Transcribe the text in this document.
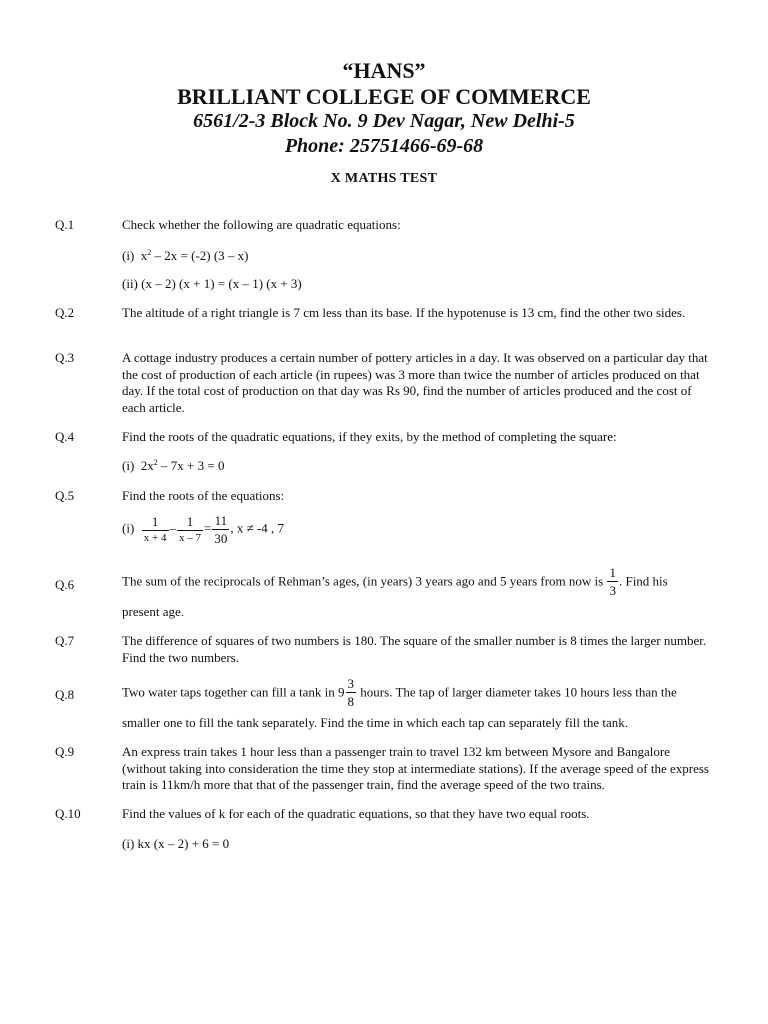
“HANS”
BRILLIANT COLLEGE OF COMMERCE
6561/2-3 Block No. 9 Dev Nagar, New Delhi-5
Phone: 25751466-69-68
X MATHS TEST
Q.1	Check whether the following are quadratic equations:
(i) $x^2 - 2x = (-2)$ (3 – x)
(ii) (x – 2) (x + 1) = (x – 1) (x + 3)
Q.2	The altitude of a right triangle is 7 cm less than its base. If the hypotenuse is 13 cm, find the other two sides.
Q.3	A cottage industry produces a certain number of pottery articles in a day. It was observed on a particular day that the cost of production of each article (in rupees) was 3 more than twice the number of articles produced on that day. If the total cost of production on that day was Rs 90, find the number of articles produced and the cost of each article.
Q.4	Find the roots of the quadratic equations, if they exits, by the method of completing the square:
(i) $2x^2 - 7x + 3 = 0$
Q.5	Find the roots of the equations:
$(i) \frac{1}{x + 4} - \frac{1}{x - 7} = \frac{11}{30}$ , x ≠ -4 , 7
Q.6	The sum of the reciprocals of Rehman’s ages, (in years) 3 years ago and 5 years from now is $\frac{1}{3}$ . Find his
present age.
Q.7	The difference of squares of two numbers is 180. The square of the smaller number is 8 times the larger number. Find the two numbers.
Q.8	Two water taps together can fill a tank in $9 \frac{3}{8}$ hours. The tap of larger diameter takes 10 hours less than the
smaller one to fill the tank separately. Find the time in which each tap can separately fill the tank.
Q.9	An express train takes 1 hour less than a passenger train to travel 132 km between Mysore and Bangalore (without taking into consideration the time they stop at intermediate stations). If the average speed of the express train is 11km/h more that that of the passenger train, find the average speed of the two trains.
Q.10	Find the values of k for each of the quadratic equations, so that they have two equal roots.
(i) kx (x – 2) + 6 = 0
